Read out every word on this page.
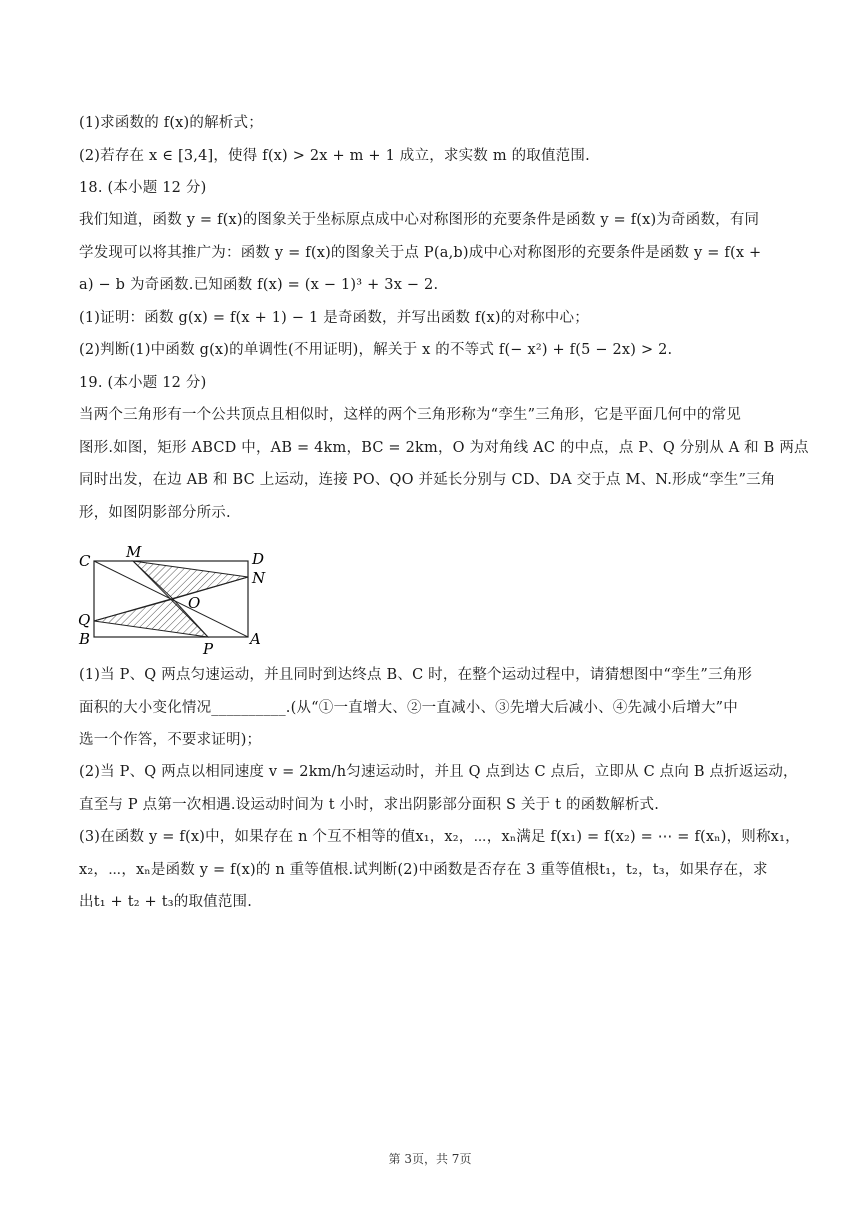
(1)求函数的 f(x)的解析式；
(2)若存在 x ∈ [3,4]，使得 f(x) > 2x + m + 1 成立，求实数 m 的取值范围.
18. (本小题 12 分)
我们知道，函数 y = f(x)的图象关于坐标原点成中心对称图形的充要条件是函数 y = f(x)为奇函数，有同
学发现可以将其推广为：函数 y = f(x)的图象关于点 P(a,b)成中心对称图形的充要条件是函数 y = f(x +
a) − b 为奇函数.已知函数 f(x) = (x − 1)³ + 3x − 2.
(1)证明：函数 g(x) = f(x + 1) − 1 是奇函数，并写出函数 f(x)的对称中心；
(2)判断(1)中函数 g(x)的单调性(不用证明)，解关于 x 的不等式 f(− x²) + f(5 − 2x) > 2.
19. (本小题 12 分)
当两个三角形有一个公共顶点且相似时，这样的两个三角形称为“孪生”三角形，它是平面几何中的常见
图形.如图，矩形 ABCD 中，AB = 4km，BC = 2km，O 为对角线 AC 的中点，点 P、Q 分别从 A 和 B 两点
同时出发，在边 AB 和 BC 上运动，连接 PO、QO 并延长分别与 CD、DA 交于点 M、N.形成“孪生”三角
形，如图阴影部分所示.
C M	D
N
Q
O
B	A
P
(1)当 P、Q 两点匀速运动，并且同时到达终点 B、C 时，在整个运动过程中，请猜想图中“孪生”三角形
面积的大小变化情况__________.(从“①一直增大、②一直减小、③先增大后减小、④先减小后增大”中
选一个作答，不要求证明)；
(2)当 P、Q 两点以相同速度 v = 2km/h匀速运动时，并且 Q 点到达 C 点后，立即从 C 点向 B 点折返运动，
直至与 P 点第一次相遇.设运动时间为 t 小时，求出阴影部分面积 S 关于 t 的函数解析式.
(3)在函数 y = f(x)中，如果存在 n 个互不相等的值x₁，x₂，⋯，xₙ满足 f(x₁) = f(x₂) = ⋯ = f(xₙ)，则称x₁，
x₂，⋯，xₙ是函数 y = f(x)的 n 重等值根.试判断(2)中函数是否存在 3 重等值根t₁，t₂，t₃，如果存在，求
出t₁ + t₂ + t₃的取值范围.
第 3页，共 7页
